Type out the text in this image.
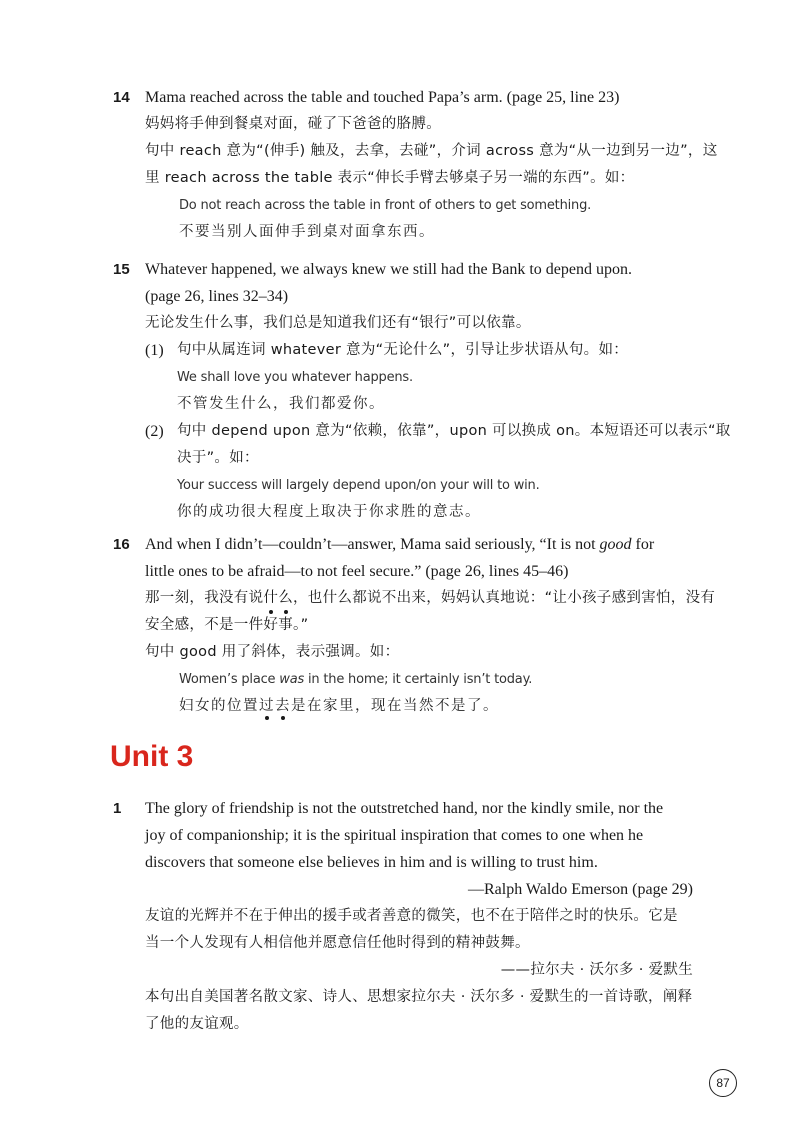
14 Mama reached across the table and touched Papa’s arm. (page 25, line 23)
妈妈将手伸到餐桌对面，碰了下爸爸的胳膊。
句中 reach 意为“(伸手) 触及，去拿，去碰”，介词 across 意为“从一边到另一边”，这
里 reach across the table 表示“伸长手臂去够桌子另一端的东西”。如：
Do not reach across the table in front of others to get something.
不要当别人面伸手到桌对面拿东西。
15 Whatever happened, we always knew we still had the Bank to depend upon.
(page 26, lines 32–34)
无论发生什么事，我们总是知道我们还有“银行”可以依靠。
(1) 句中从属连词 whatever 意为“无论什么”，引导让步状语从句。如：
We shall love you whatever happens.
不管发生什么，我们都爱你。
(2) 句中 depend upon 意为“依赖，依靠”，upon 可以换成 on。本短语还可以表示“取
决于”。如：
Your success will largely depend upon/on your will to win.
你的成功很大程度上取决于你求胜的意志。
16 And when I didn’t—couldn’t—answer, Mama said seriously, “It is not good for
little ones to be afraid—to not feel secure.” (page 26, lines 45–46)
那一刻，我没有说什么，也什么都说不出来，妈妈认真地说：“让小孩子感到害怕，没有
安全感，不是一件好事。”
句中 good 用了斜体，表示强调。如：
Women’s place was in the home; it certainly isn’t today.
妇女的位置过去是在家里，现在当然不是了。
Unit 3
1	The glory of friendship is not the outstretched hand, nor the kindly smile, nor the
joy of companionship; it is the spiritual inspiration that comes to one when he
discovers that someone else believes in him and is willing to trust him.
—Ralph Waldo Emerson (page 29)
友谊的光辉并不在于伸出的援手或者善意的微笑，也不在于陪伴之时的快乐。它是
当一个人发现有人相信他并愿意信任他时得到的精神鼓舞。
——拉尔夫 · 沃尔多 · 爱默生
本句出自美国著名散文家、诗人、思想家拉尔夫 · 沃尔多 · 爱默生的一首诗歌，阐释
了他的友谊观。
87
